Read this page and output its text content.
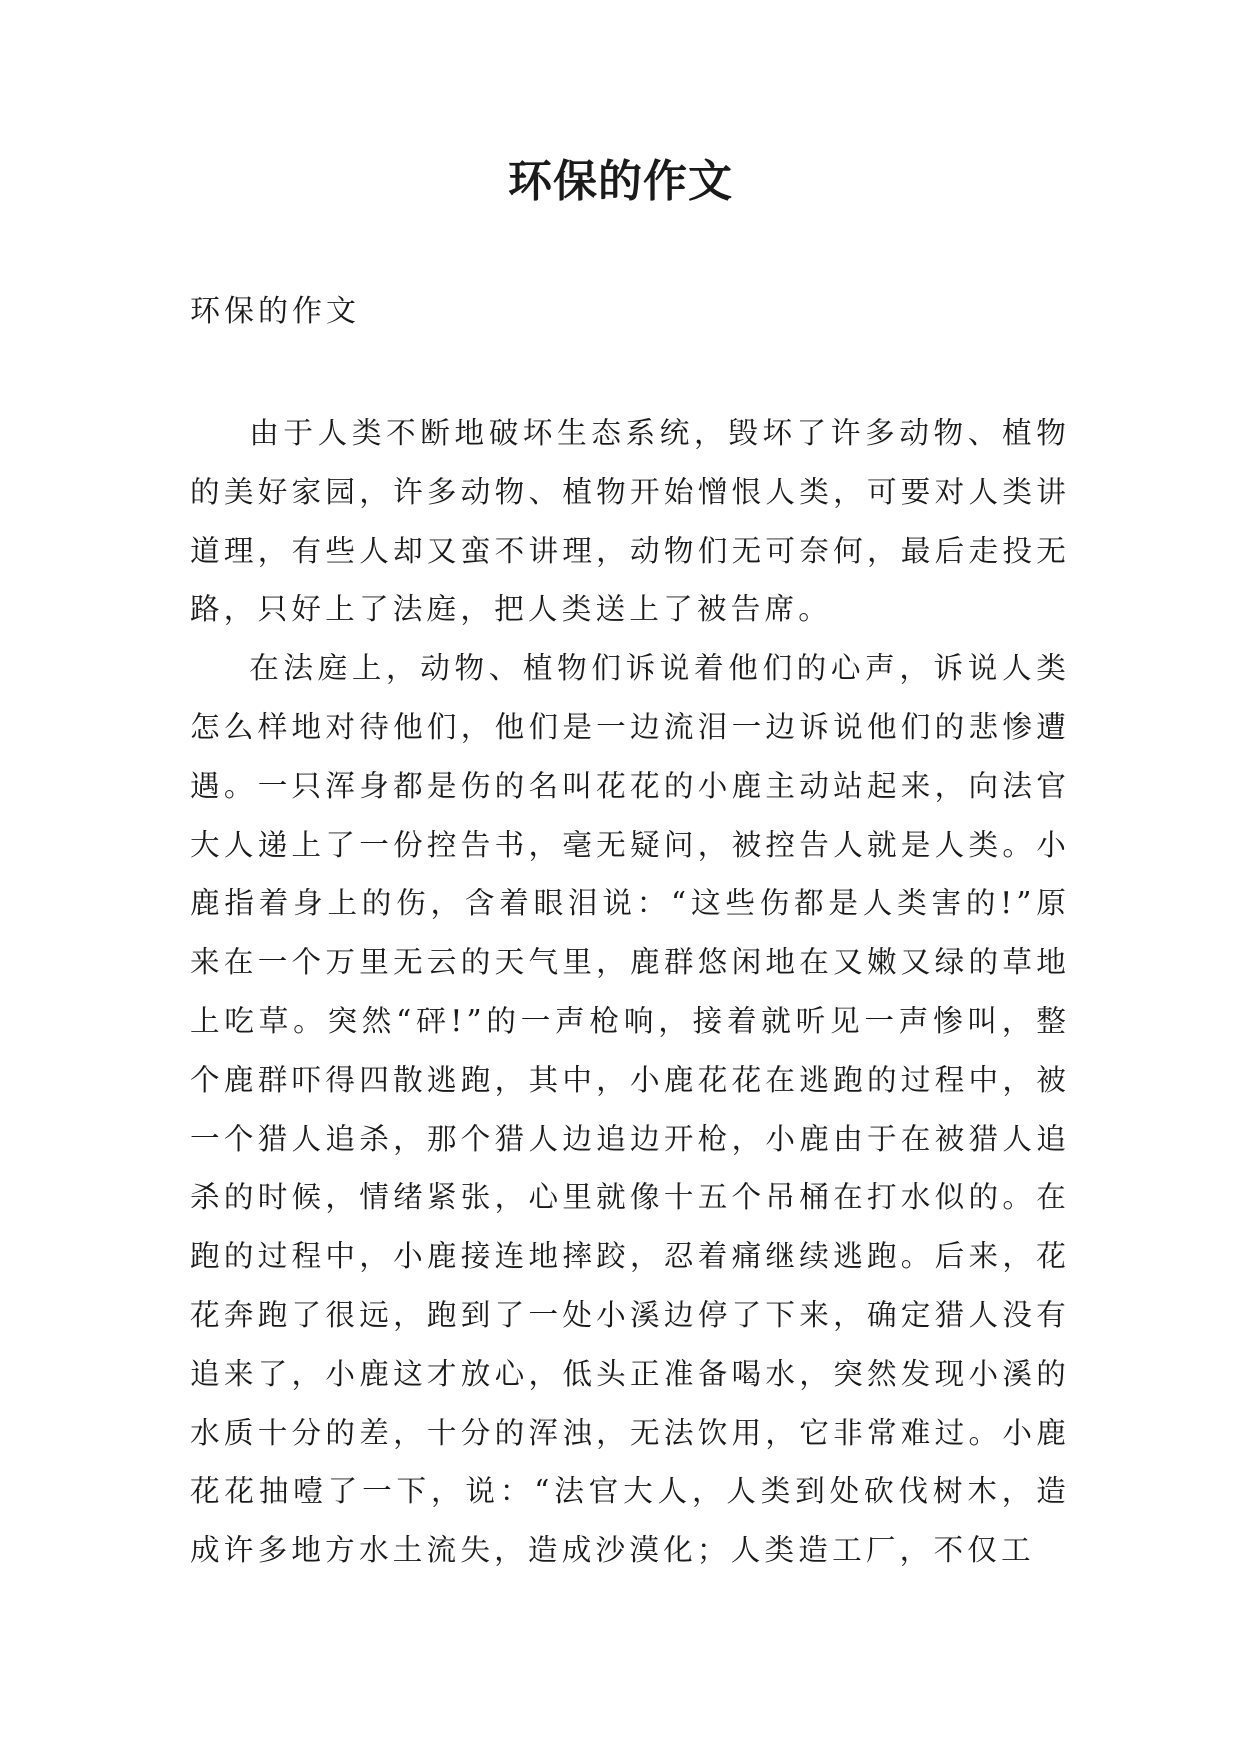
环保的作文
环保的作文

由于人类不断地破坏生态系统，毁坏了许多动物、植物的美好家园，许多动物、植物开始憎恨人类，可要对人类讲道理，有些人却又蛮不讲理，动物们无可奈何，最后走投无路，只好上了法庭，把人类送上了被告席。

在法庭上，动物、植物们诉说着他们的心声，诉说人类怎么样地对待他们，他们是一边流泪一边诉说他们的悲惨遭遇。一只浑身都是伤的名叫花花的小鹿主动站起来，向法官大人递上了一份控告书，毫无疑问，被控告人就是人类。小鹿指着身上的伤，含着眼泪说：“这些伤都是人类害的!”原来在一个万里无云的天气里，鹿群悠闲地在又嫩又绿的草地上吃草。突然“砰!”的一声枪响，接着就听见一声惨叫，整个鹿群吓得四散逃跑，其中，小鹿花花在逃跑的过程中，被一个猎人追杀，那个猎人边追边开枪，小鹿由于在被猎人追杀的时候，情绪紧张，心里就像十五个吊桶在打水似的。在跑的过程中，小鹿接连地摔跤，忍着痛继续逃跑。后来，花花奔跑了很远，跑到了一处小溪边停了下来，确定猎人没有追来了，小鹿这才放心，低头正准备喝水，突然发现小溪的水质十分的差，十分的浑浊，无法饮用，它非常难过。小鹿花花抽噎了一下，说：“法官大人，人类到处砍伐树木，造成许多地方水土流失，造成沙漠化；人类造工厂，不仅工
